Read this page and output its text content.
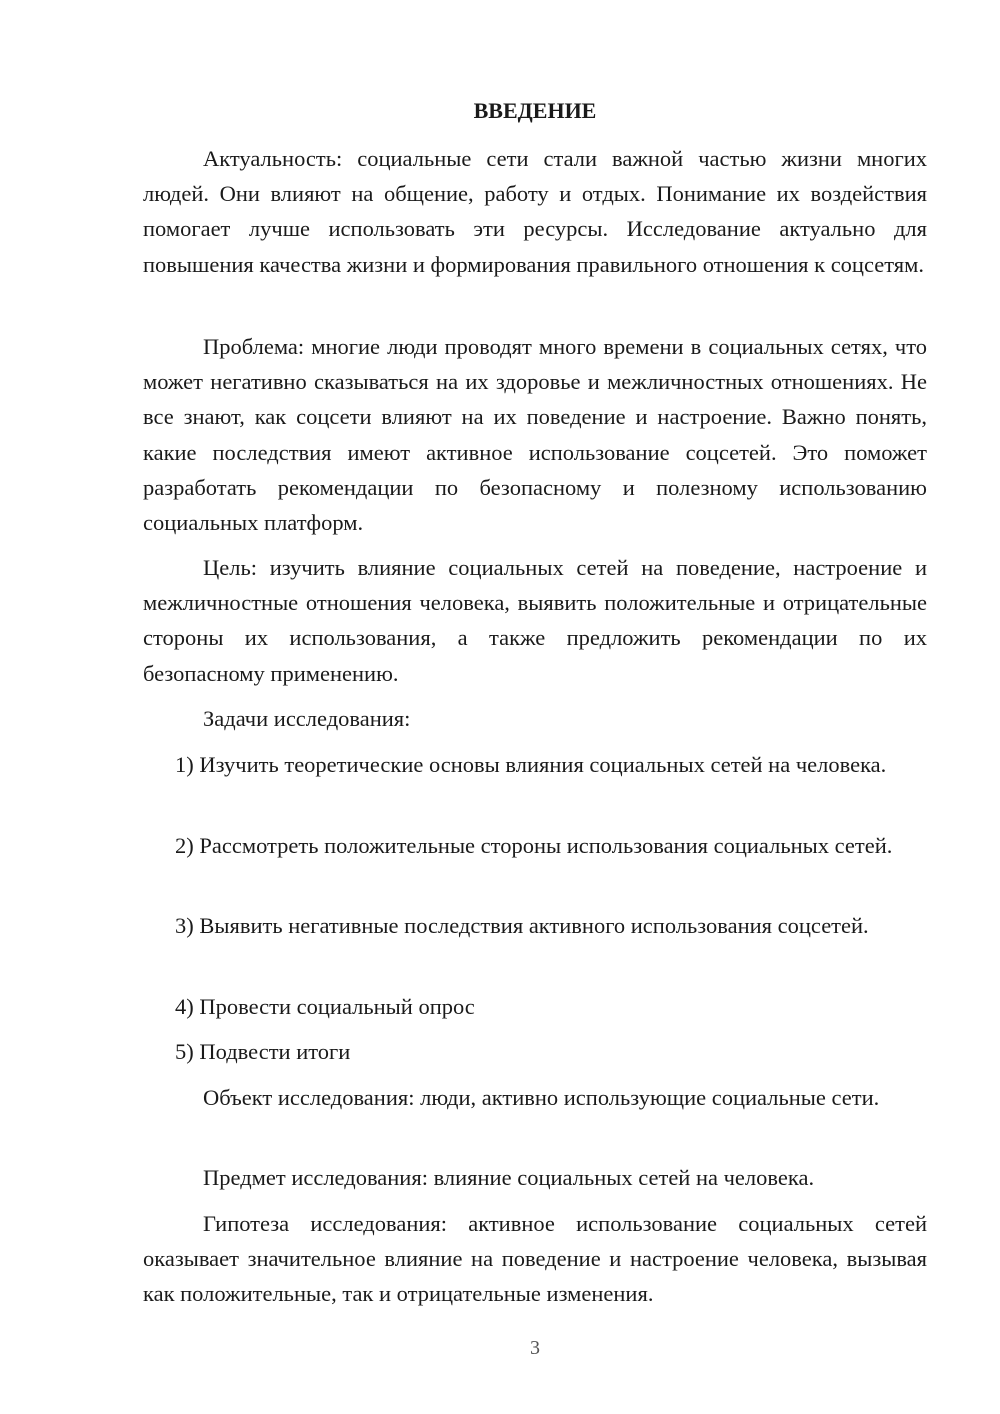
ВВЕДЕНИЕ

Актуальность: социальные сети стали важной частью жизни многих людей. Они влияют на общение, работу и отдых. Понимание их воздействия помогает лучше использовать эти ресурсы. Исследование актуально для повышения качества жизни и формирования правильного отношения к соцсетям.

Проблема: многие люди проводят много времени в социальных сетях, что может негативно сказываться на их здоровье и межличностных отношениях. Не все знают, как соцсети влияют на их поведение и настроение. Важно понять, какие последствия имеют активное использование соцсетей. Это поможет разработать рекомендации по безопасному и полезному использованию социальных платформ.

Цель: изучить влияние социальных сетей на поведение, настроение и межличностные отношения человека, выявить положительные и отрицательные стороны их использования, а также предложить рекомендации по их безопасному применению.

Задачи исследования:

1) Изучить теоретические основы влияния социальных сетей на человека.

2) Рассмотреть положительные стороны использования социальных сетей.

3) Выявить негативные последствия активного использования соцсетей.

4) Провести социальный опрос

5) Подвести итоги

Объект исследования: люди, активно использующие социальные сети.

Предмет исследования: влияние социальных сетей на человека.

Гипотеза исследования: активное использование социальных сетей оказывает значительное влияние на поведение и настроение человека, вызывая как положительные, так и отрицательные изменения.

3
